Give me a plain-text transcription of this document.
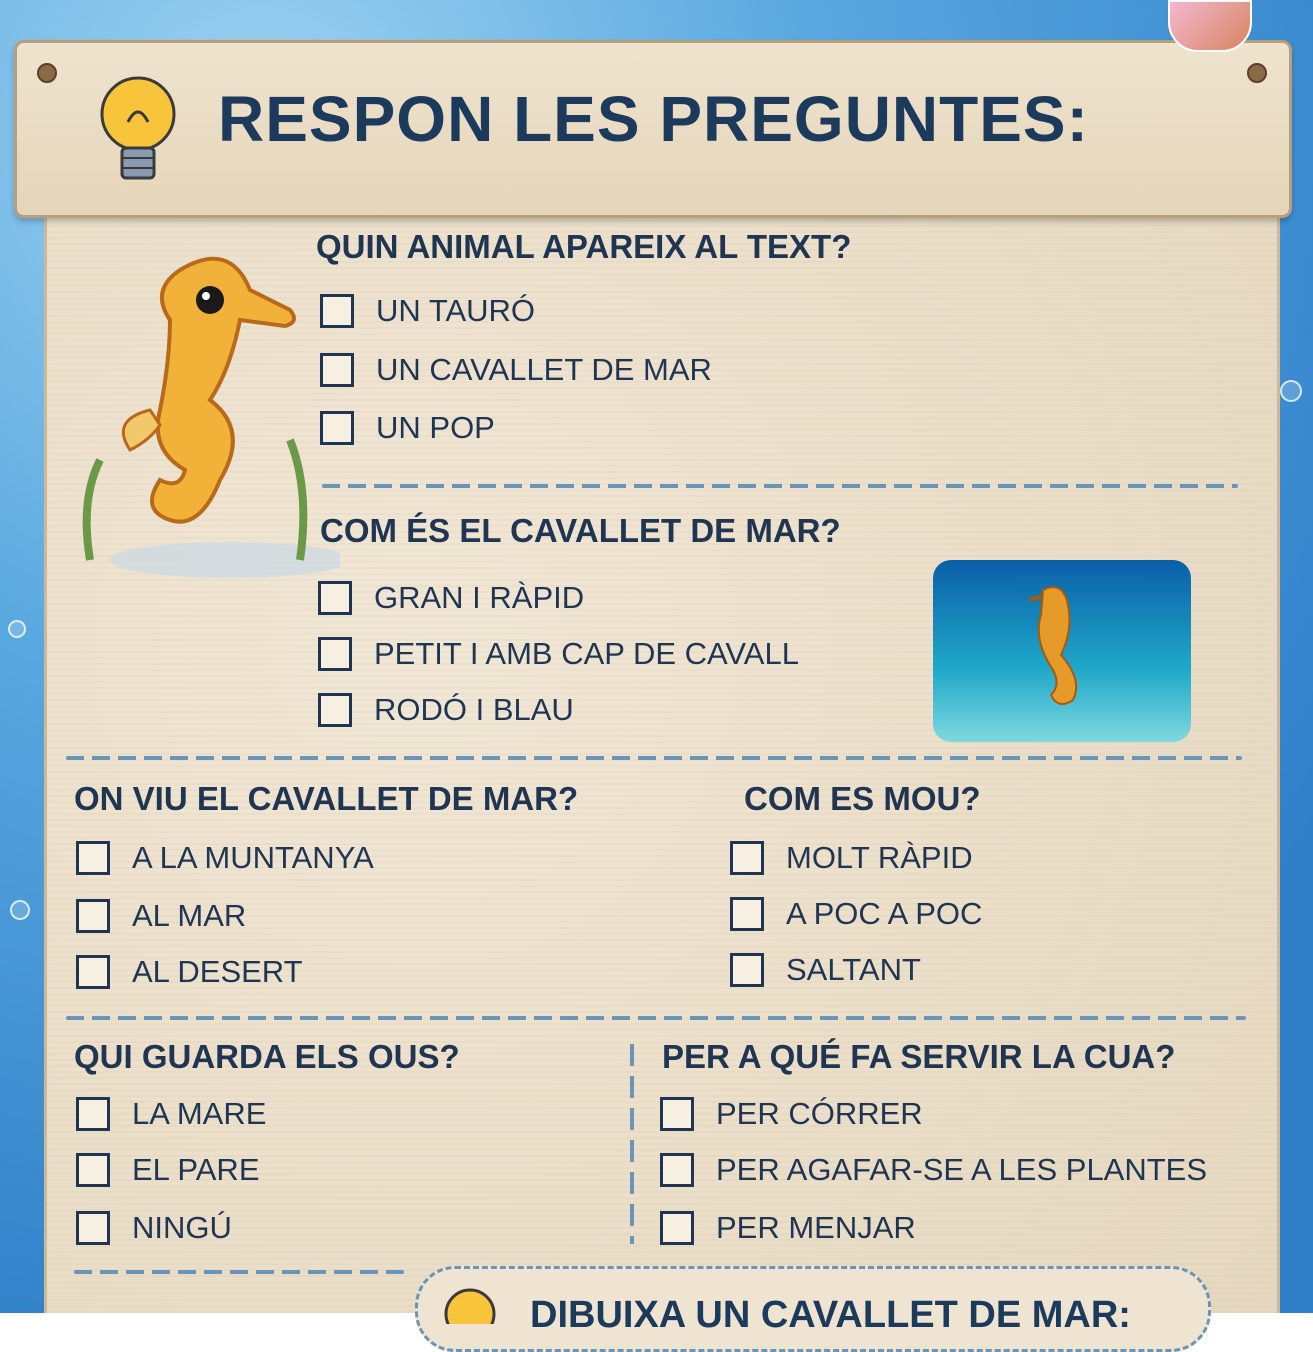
RESPON LES PREGUNTES:
QUIN ANIMAL APAREIX AL TEXT?
UN TAURÓ
UN CAVALLET DE MAR
UN POP
COM ÉS EL CAVALLET DE MAR?
GRAN I RÀPID
PETIT I AMB CAP DE CAVALL
RODÓ I BLAU
ON VIU EL CAVALLET DE MAR?
A LA MUNTANYA
AL MAR
AL DESERT
COM ES MOU?
MOLT RÀPID
A POC A POC
SALTANT
QUI GUARDA ELS OUS?
LA MARE
EL PARE
NINGÚ
PER A QUÉ FA SERVIR LA CUA?
PER CÓRRER
PER AGAFAR-SE A LES PLANTES
PER MENJAR
DIBUIXA UN CAVALLET DE MAR:
